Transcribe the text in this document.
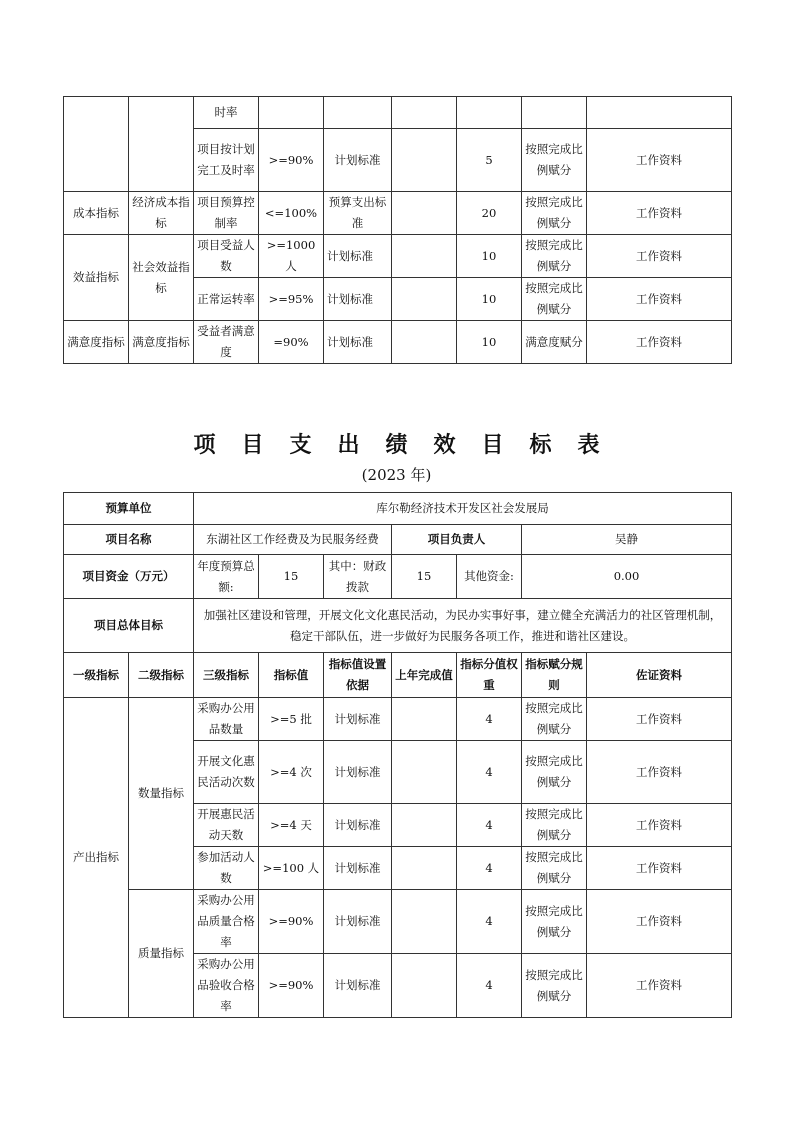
		时率						
		项目按计划完工及时率	>=90%	计划标准		5	按照完成比例赋分	工作资料
成本指标	经济成本指标	项目预算控制率	<=100%	预算支出标准		20	按照完成比例赋分	工作资料
效益指标	社会效益指标	项目受益人数	>=1000 人	计划标准		10	按照完成比例赋分	工作资料
		正常运转率	>=95%	计划标准		10	按照完成比例赋分	工作资料
满意度指标	满意度指标	受益者满意度	=90%	计划标准		10	满意度赋分	工作资料
项目支出绩效目标表
(2023 年)
预算单位		库尔勒经济技术开发区社会发展局						
项目名称		东湖社区工作经费及为民服务经费			项目负责人		吴静	
项目资金（万元）		年度预算总额:	15	其中：财政拨款	15	其他资金:	0.00	
项目总体目标		加强社区建设和管理，开展文化文化惠民活动，为民办实事好事，建立健全充满活力的社区管理机制，稳定干部队伍，进一步做好为民服务各项工作，推进和谐社区建设。						
一级指标	二级指标	三级指标	指标值	指标值设置依据	上年完成值	指标分值权重	指标赋分规则	佐证资料
产出指标	数量指标	采购办公用品数量	>=5 批	计划标准		4	按照完成比例赋分	工作资料
		开展文化惠民活动次数	>=4 次	计划标准		4	按照完成比例赋分	工作资料
		开展惠民活动天数	>=4 天	计划标准		4	按照完成比例赋分	工作资料
		参加活动人数	>=100 人	计划标准		4	按照完成比例赋分	工作资料
	质量指标	采购办公用品质量合格率	>=90%	计划标准		4	按照完成比例赋分	工作资料
		采购办公用品验收合格率	>=90%	计划标准		4	按照完成比例赋分	工作资料
